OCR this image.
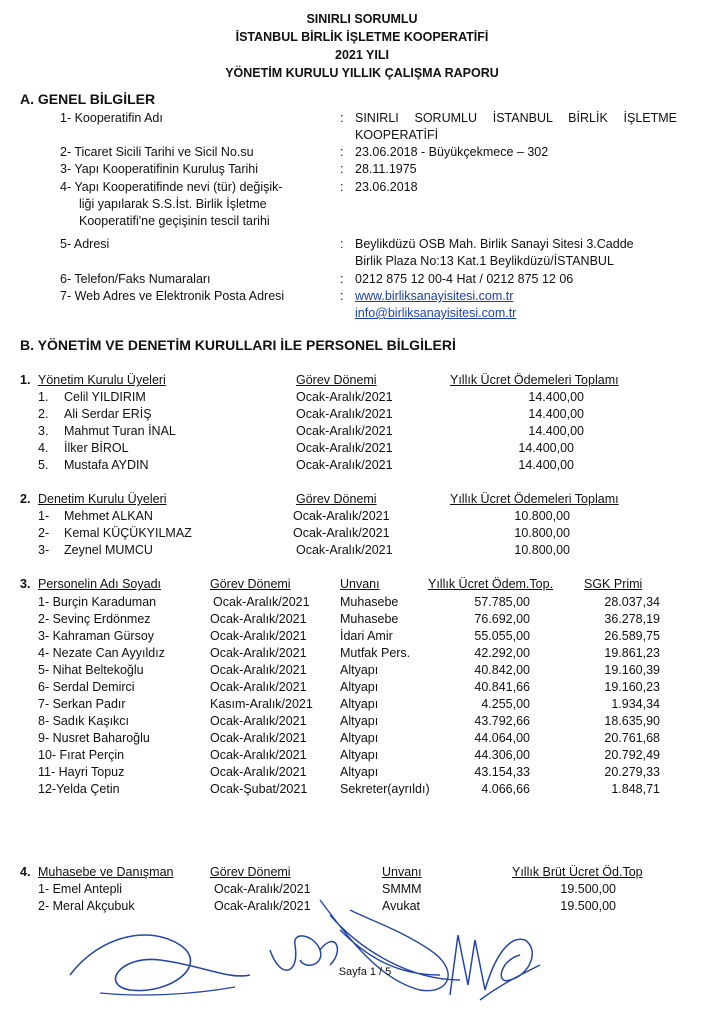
SINIRLI SORUMLU
İSTANBUL BİRLİK İŞLETME KOOPERATİFİ
2021 YILI
YÖNETİM KURULU YILLIK ÇALIŞMA RAPORU
A. GENEL BİLGİLER
1- Kooperatifin Adı	: SINIRLI SORUMLU İSTANBUL BİRLİK İŞLETME
KOOPERATİFİ
2- Ticaret Sicili Tarihi ve Sicil No.su	: 23.06.2018 - Büyükçekmece – 302
3- Yapı Kooperatifinin Kuruluş Tarihi	: 28.11.1975
4- Yapı Kooperatifinde nevi (tür) değişik-
liği yapılarak S.S.İst. Birlik İşletme
Kooperatifi'ne geçişinin tescil tarihi
: 23.06.2018
5- Adresi	: Beylikdüzü OSB Mah. Birlik Sanayi Sitesi 3.Cadde
Birlik Plaza No:13 Kat.1 Beylikdüzü/İSTANBUL
6- Telefon/Faks Numaraları	: 0212 875 12 00-4 Hat / 0212 875 12 06
7- Web Adres ve Elektronik Posta Adresi	: www.birliksanayisitesi.com.tr
info@birliksanayisitesi.com.tr
B. YÖNETİM VE DENETİM KURULLARI İLE PERSONEL BİLGİLERİ
1. Yönetim Kurulu Üyeleri	Görev Dönemi	Yıllık Ücret Ödemeleri Toplamı
1. Celil YILDIRIM	Ocak-Aralık/2021	14.400,00
2. Ali Serdar ERİŞ	Ocak-Aralık/2021	14.400,00
3. Mahmut Turan İNAL	Ocak-Aralık/2021	14.400,00
4. İlker BİROL	Ocak-Aralık/2021	14.400,00
5. Mustafa AYDIN	Ocak-Aralık/2021	14.400,00
2. Denetim Kurulu Üyeleri	Görev Dönemi	Yıllık Ücret Ödemeleri Toplamı
1- Mehmet ALKAN	Ocak-Aralık/2021	10.800,00
2- Kemal KÜÇÜKYILMAZ	Ocak-Aralık/2021	10.800,00
3- Zeynel MUMCU	Ocak-Aralık/2021	10.800,00
3. Personelin Adı Soyadı	Görev Dönemi	Unvanı	Yıllık Ücret Ödem.Top. SGK Primi
1- Burçin Karaduman	Ocak-Aralık/2021 Muhasebe	57.785,00	28.037,34
2- Sevinç Erdönmez	Ocak-Aralık/2021	Muhasebe	76.692,00	36.278,19
3- Kahraman Gürsoy	Ocak-Aralık/2021	İdari Amir	55.055,00	26.589,75
4- Nezate Can Ayyıldız	Ocak-Aralık/2021	Mutfak Pers.	42.292,00	19.861,23
5- Nihat Beltekoğlu	Ocak-Aralık/2021	Altyapı	40.842,00	19.160,39
6- Serdal Demirci	Ocak-Aralık/2021	Altyapı	40.841,66	19.160,23
7- Serkan Padır	Kasım-Aralık/2021 Altyapı	4.255,00	1.934,34
8- Sadık Kaşıkcı	Ocak-Aralık/2021	Altyapı	43.792,66	18.635,90
9- Nusret Baharoğlu	Ocak-Aralık/2021	Altyapı	44.064,00	20.761,68
10- Fırat Perçin	Ocak-Aralık/2021	Altyapı	44.306,00	20.792,49
11- Hayri Topuz	Ocak-Aralık/2021	Altyapı	43.154,33	20.279,33
12-Yelda Çetin	Ocak-Şubat/2021	Sekreter(ayrıldı)	4.066,66	1.848,71
4. Muhasebe ve Danışman	Görev Dönemi	Unvanı	Yıllık Brüt Ücret Öd.Top
1- Emel Antepli	Ocak-Aralık/2021	SMMM	19.500,00
2- Meral Akçubuk	Ocak-Aralık/2021	Avukat	19.500,00
Sayfa 1 / 5
